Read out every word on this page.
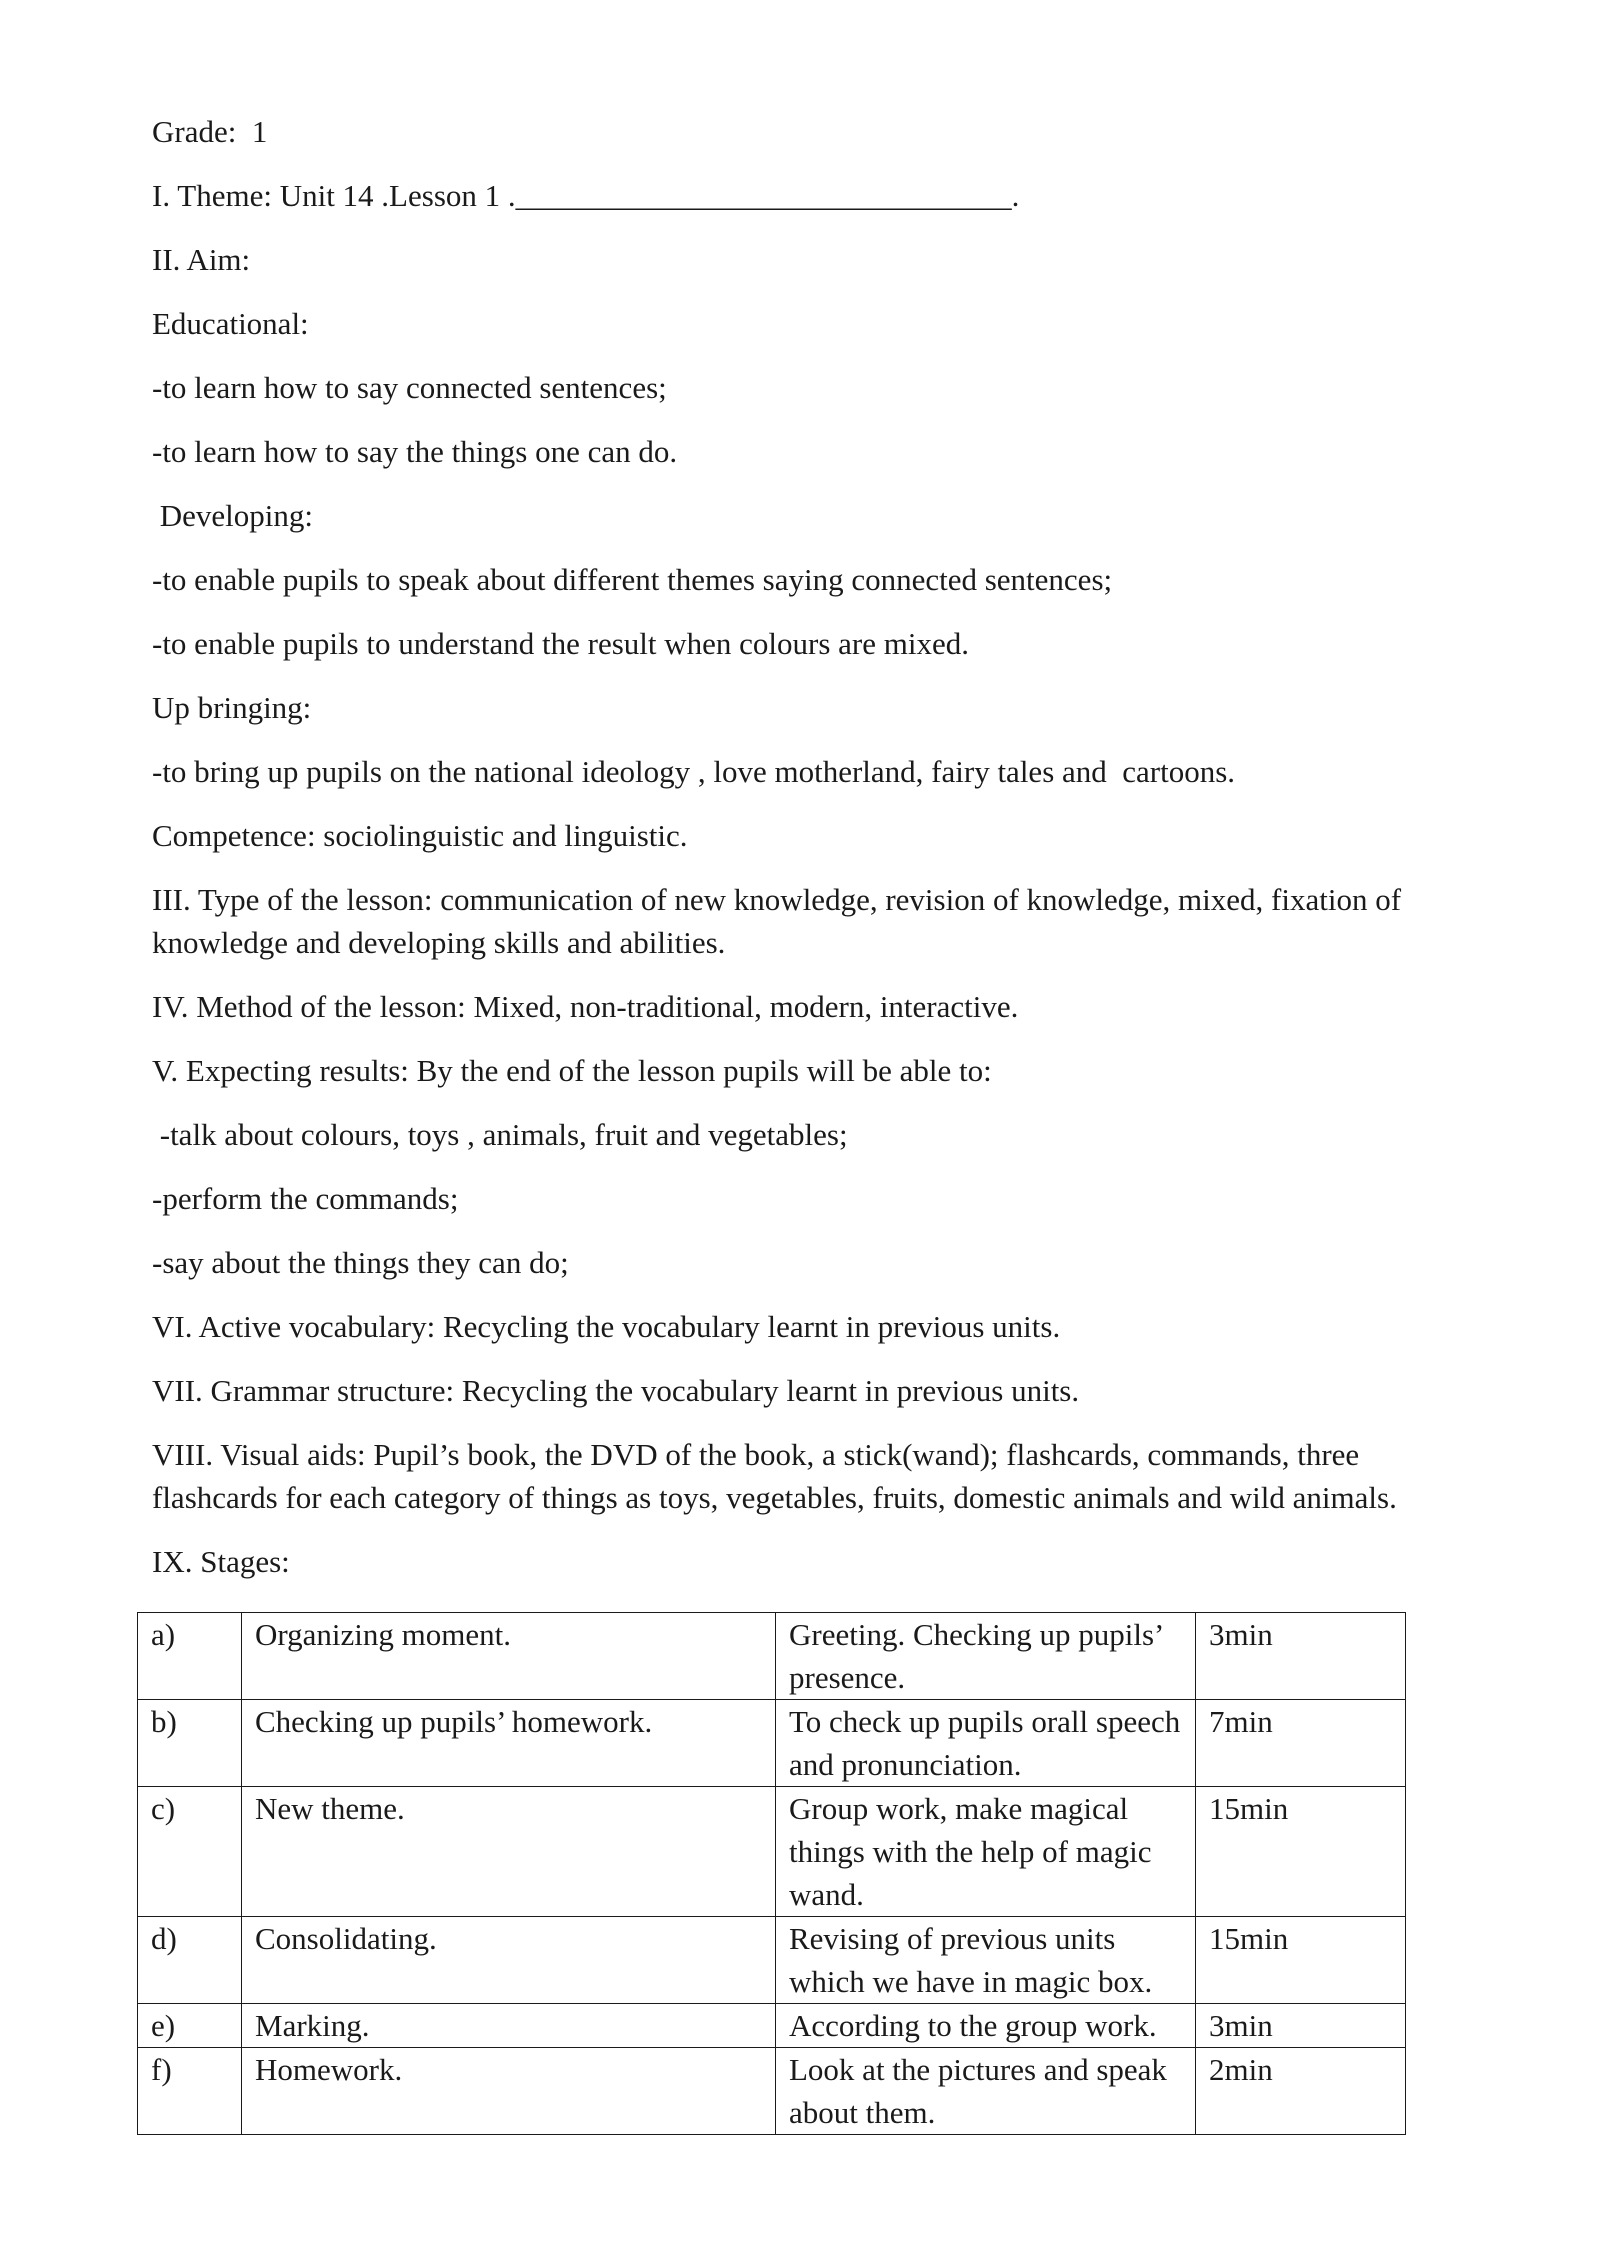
Grade:  1

I. Theme: Unit 14 .Lesson 1 .________________________________.

II. Aim:

Educational:

-to learn how to say connected sentences;

-to learn how to say the things one can do.

Developing:

-to enable pupils to speak about different themes saying connected sentences;

-to enable pupils to understand the result when colours are mixed.

Up bringing:

-to bring up pupils on the national ideology , love motherland, fairy tales and  cartoons.

Competence: sociolinguistic and linguistic.

III. Type of the lesson: communication of new knowledge, revision of knowledge, mixed, fixation of knowledge and developing skills and abilities.

IV. Method of the lesson: Mixed, non-traditional, modern, interactive.

V. Expecting results: By the end of the lesson pupils will be able to:

-talk about colours, toys , animals, fruit and vegetables;

-perform the commands;

-say about the things they can do;

VI. Active vocabulary: Recycling the vocabulary learnt in previous units.

VII. Grammar structure: Recycling the vocabulary learnt in previous units.

VIII. Visual aids: Pupil’s book, the DVD of the book, a stick(wand); flashcards, commands, three flashcards for each category of things as toys, vegetables, fruits, domestic animals and wild animals.

IX. Stages:

a)	Organizing moment.	Greeting. Checking up pupils’ presence.	3min
b)	Checking up pupils’ homework.	To check up pupils orall speech and pronunciation.	7min
c)	New theme.	Group work, make magical things with the help of magic wand.	15min
d)	Consolidating.	Revising of previous units which we have in magic box.	15min
e)	Marking.	According to the group work.	3min
f)	Homework.	Look at the pictures and speak about them.	2min
